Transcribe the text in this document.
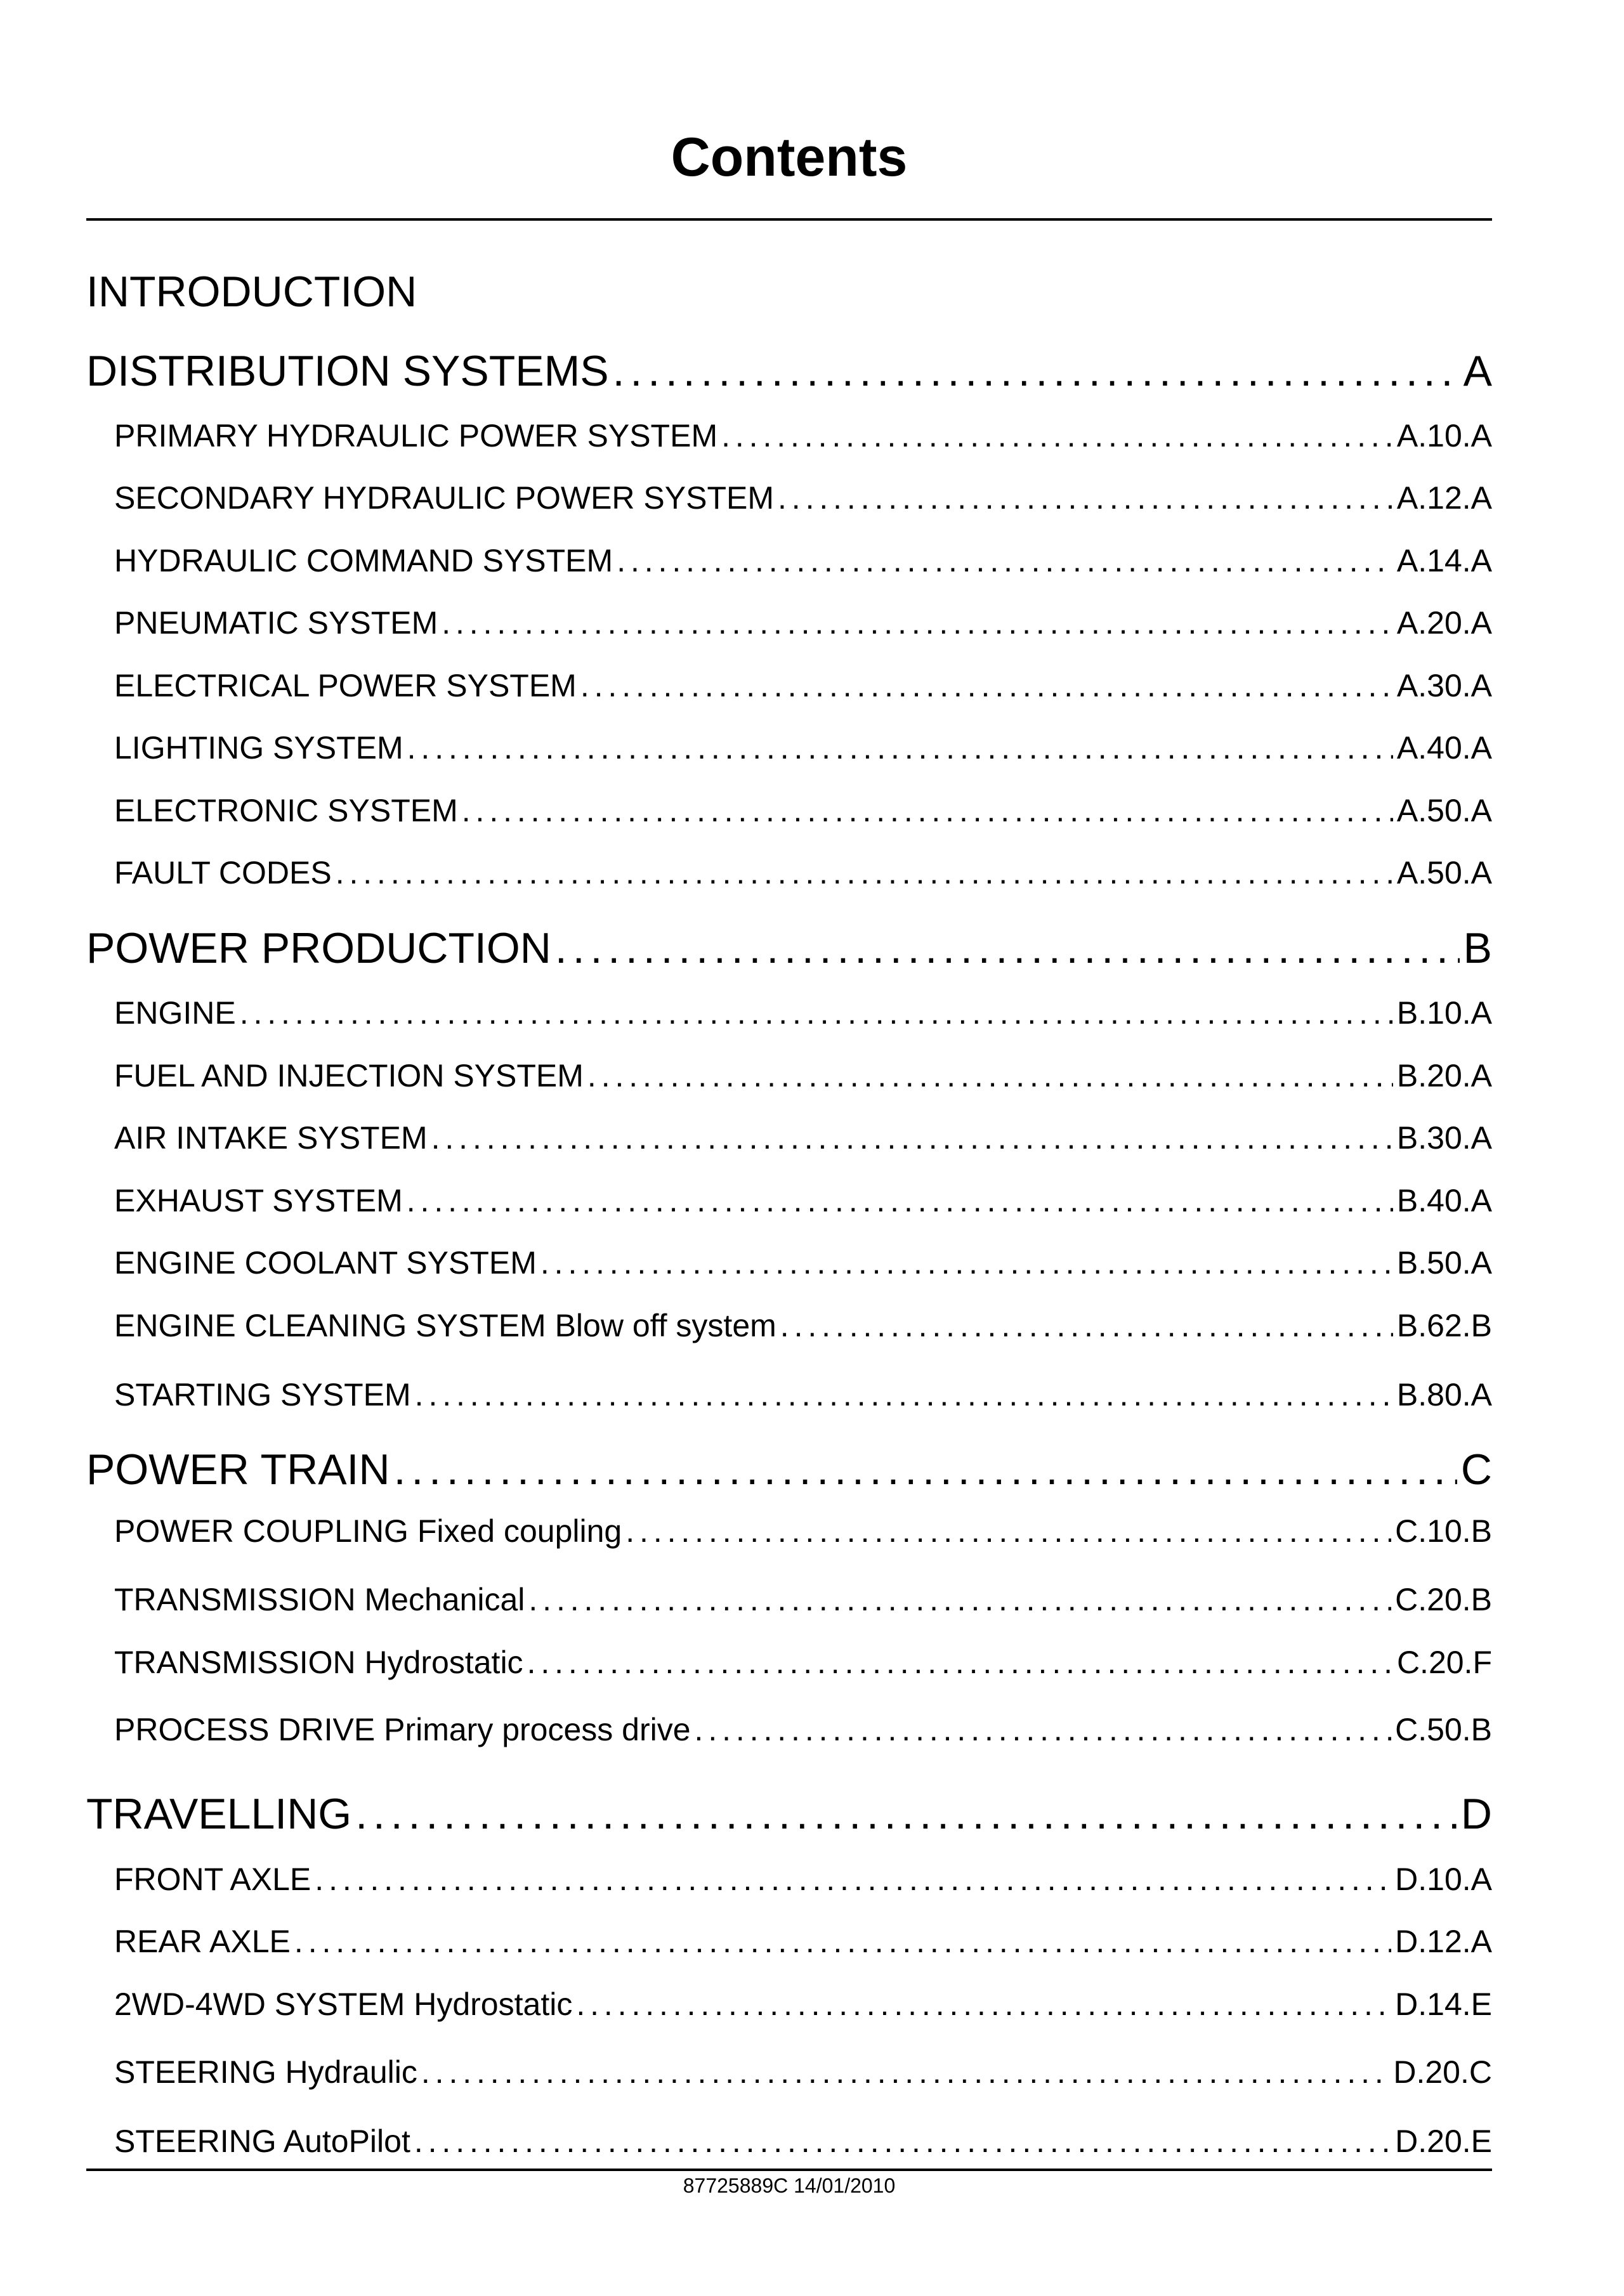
Contents
INTRODUCTION
DISTRIBUTION SYSTEMS . . .	A
PRIMARY HYDRAULIC POWER SYSTEM . . .	A.10.A
SECONDARY HYDRAULIC POWER SYSTEM . . .	A.12.A
HYDRAULIC COMMAND SYSTEM . . .	A.14.A
PNEUMATIC SYSTEM . . .	A.20.A
ELECTRICAL POWER SYSTEM . . .	A.30.A
LIGHTING SYSTEM . . .	A.40.A
ELECTRONIC SYSTEM . . .	A.50.A
FAULT CODES . . .	A.50.A
POWER PRODUCTION . . .	B
ENGINE . . .	B.10.A
FUEL AND INJECTION SYSTEM . . .	B.20.A
AIR INTAKE SYSTEM . . .	B.30.A
EXHAUST SYSTEM . . .	B.40.A
ENGINE COOLANT SYSTEM . . .	B.50.A
ENGINE CLEANING SYSTEM Blow off system . . .	B.62.B
STARTING SYSTEM . . .	B.80.A
POWER TRAIN . . .	C
POWER COUPLING Fixed coupling . . .	C.10.B
TRANSMISSION Mechanical . . .	C.20.B
TRANSMISSION Hydrostatic . . .	C.20.F
PROCESS DRIVE Primary process drive . . .	C.50.B
TRAVELLING . . .	D
FRONT AXLE . . .	D.10.A
REAR AXLE . . .	D.12.A
2WD-4WD SYSTEM Hydrostatic . . .	D.14.E
STEERING Hydraulic . . .	D.20.C
STEERING AutoPilot . . .	D.20.E
87725889C 14/01/2010
